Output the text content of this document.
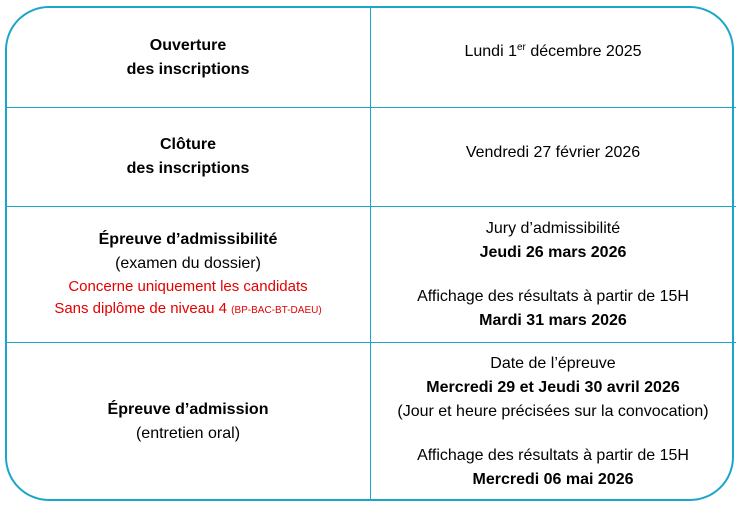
Ouverture
des inscriptions
Lundi 1er décembre 2025
Clôture
des inscriptions
Vendredi 27 février 2026
Épreuve d’admissibilité
(examen du dossier)
Concerne uniquement les candidats
Sans diplôme de niveau 4 (BP-BAC-BT-DAEU)
Jury d’admissibilité
Jeudi 26 mars 2026
Affichage des résultats à partir de 15H
Mardi 31 mars 2026
Épreuve d’admission
(entretien oral)
Date de l’épreuve
Mercredi 29 et Jeudi 30 avril 2026
(Jour et heure précisées sur la convocation)
Affichage des résultats à partir de 15H
Mercredi 06 mai 2026
